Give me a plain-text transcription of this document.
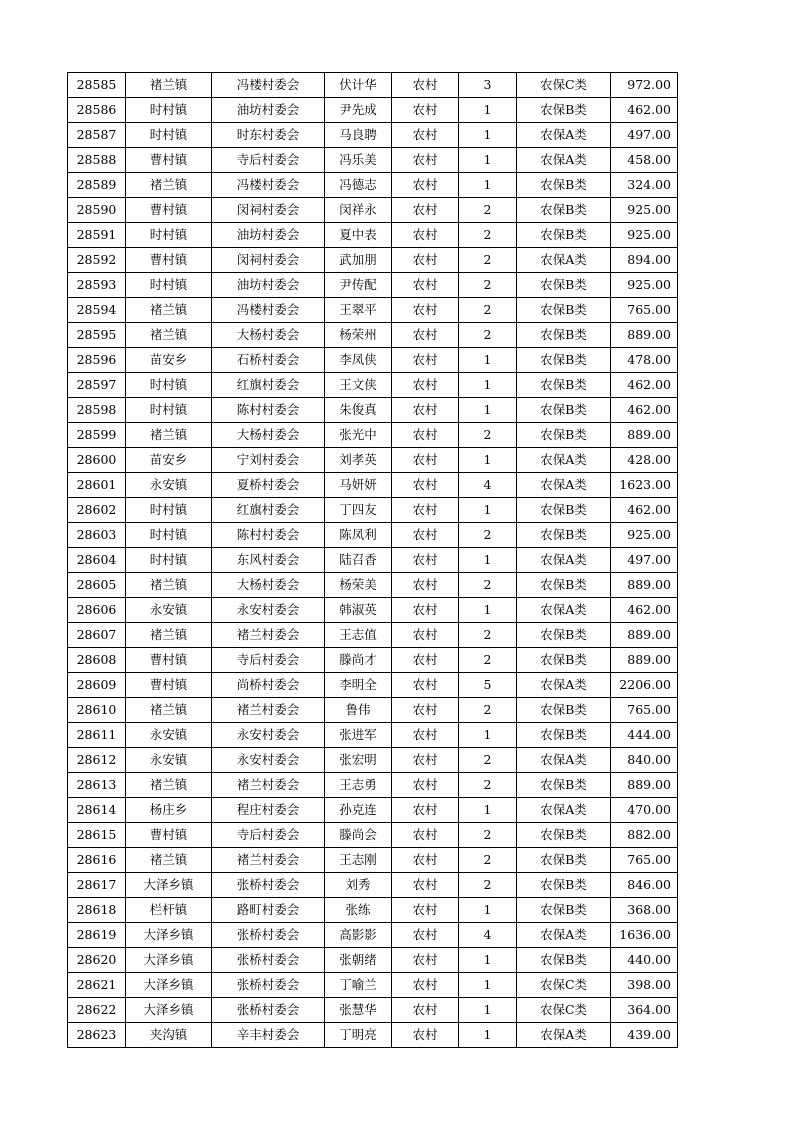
28585	褚兰镇	冯楼村委会	伏计华	农村	3	农保C类	972.00
28586	时村镇	油坊村委会	尹先成	农村	1	农保B类	462.00
28587	时村镇	时东村委会	马良聘	农村	1	农保A类	497.00
28588	曹村镇	寺后村委会	冯乐美	农村	1	农保A类	458.00
28589	褚兰镇	冯楼村委会	冯德志	农村	1	农保B类	324.00
28590	曹村镇	闵祠村委会	闵祥永	农村	2	农保B类	925.00
28591	时村镇	油坊村委会	夏中表	农村	2	农保B类	925.00
28592	曹村镇	闵祠村委会	武加朋	农村	2	农保A类	894.00
28593	时村镇	油坊村委会	尹传配	农村	2	农保B类	925.00
28594	褚兰镇	冯楼村委会	王翠平	农村	2	农保B类	765.00
28595	褚兰镇	大杨村委会	杨荣州	农村	2	农保B类	889.00
28596	苗安乡	石桥村委会	李凤侠	农村	1	农保B类	478.00
28597	时村镇	红旗村委会	王文侠	农村	1	农保B类	462.00
28598	时村镇	陈村村委会	朱俊真	农村	1	农保B类	462.00
28599	褚兰镇	大杨村委会	张光中	农村	2	农保B类	889.00
28600	苗安乡	宁刘村委会	刘孝英	农村	1	农保A类	428.00
28601	永安镇	夏桥村委会	马妍妍	农村	4	农保A类	1623.00
28602	时村镇	红旗村委会	丁四友	农村	1	农保B类	462.00
28603	时村镇	陈村村委会	陈凤利	农村	2	农保B类	925.00
28604	时村镇	东风村委会	陆召香	农村	1	农保A类	497.00
28605	褚兰镇	大杨村委会	杨荣美	农村	2	农保B类	889.00
28606	永安镇	永安村委会	韩淑英	农村	1	农保A类	462.00
28607	褚兰镇	褚兰村委会	王志值	农村	2	农保B类	889.00
28608	曹村镇	寺后村委会	滕尚才	农村	2	农保B类	889.00
28609	曹村镇	尚桥村委会	李明全	农村	5	农保A类	2206.00
28610	褚兰镇	褚兰村委会	鲁伟	农村	2	农保B类	765.00
28611	永安镇	永安村委会	张进军	农村	1	农保B类	444.00
28612	永安镇	永安村委会	张宏明	农村	2	农保A类	840.00
28613	褚兰镇	褚兰村委会	王志勇	农村	2	农保B类	889.00
28614	杨庄乡	程庄村委会	孙克连	农村	1	农保A类	470.00
28615	曹村镇	寺后村委会	滕尚会	农村	2	农保B类	882.00
28616	褚兰镇	褚兰村委会	王志刚	农村	2	农保B类	765.00
28617	大泽乡镇	张桥村委会	刘秀	农村	2	农保B类	846.00
28618	栏杆镇	路町村委会	张练	农村	1	农保B类	368.00
28619	大泽乡镇	张桥村委会	高影影	农村	4	农保A类	1636.00
28620	大泽乡镇	张桥村委会	张朝绪	农村	1	农保B类	440.00
28621	大泽乡镇	张桥村委会	丁喻兰	农村	1	农保C类	398.00
28622	大泽乡镇	张桥村委会	张慧华	农村	1	农保C类	364.00
28623	夹沟镇	辛丰村委会	丁明亮	农村	1	农保A类	439.00
